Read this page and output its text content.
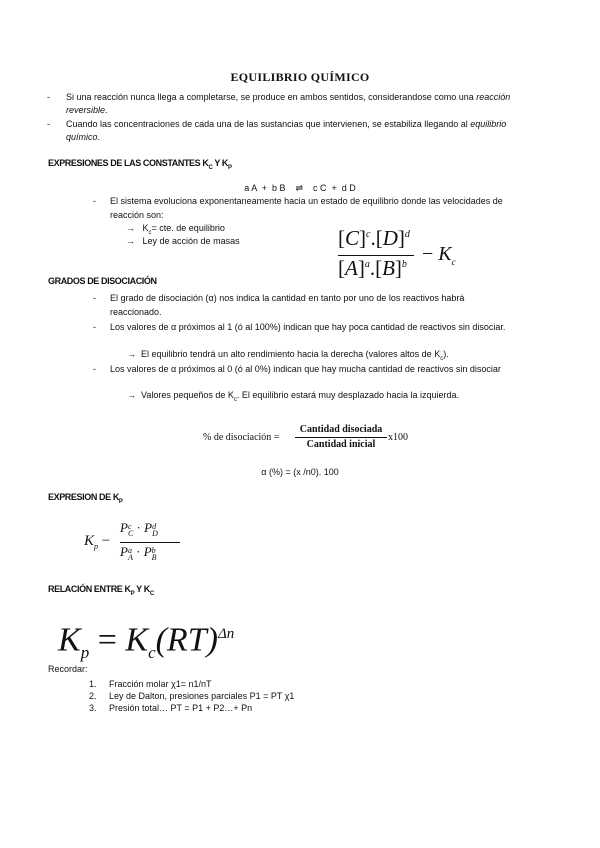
EQUILIBRIO QUÍMICO
- Si una reacción nunca llega a completarse, se produce en ambos sentidos, considerandose como una reacción reversible.
- Cuando las concentraciones de cada una de las sustancias que intervienen, se estabiliza llegando al equilibrio químico.
EXPRESIONES DE LAS CONSTANTES $K_C$ Y $K_P$
a A  +  b B    ⇌    c C  +  d D
- El sistema evoluciona exponentaneamente hacia un estado de equilibrio donde las velocidades de reacción son:
→ $K_c=$ cte. de equilibrio
→ Ley de acción de masas	$[C]^c.[D]^d$
$[A]^a.[B]^b - K_c$
GRADOS DE DISOCIACIÓN
- El grado de disociación (α) nos indica la cantidad en tanto por uno de los reactivos habrá reaccionado.
- Los valores de α próximos al 1 (ó al 100%) indican que hay poca cantidad de reactivos sin disociar.
→ El equilibrio tendrá un alto rendimiento hacia la derecha (valores altos de $K_c$).
- Los valores de α próximos al 0 (ó al 0%) indican que hay mucha cantidad de reactivos sin disociar
→ Valores pequeños de $K_c$. El equilibrio estará muy desplazado hacia la izquierda.
% de disociación =
Cantidad disociada
Cantidad inicial
x100
α (%) = (x /n0). 100
EXPRESION DE $K_P$
$K_p$ −
Pc
C · Pd
D
Pa
A · Pb
B
RELACIÓN ENTRE $K_P$ Y $K_C$
$K_p = K_c(RT)^{\Delta n}$
Recordar:
1. Fracción molar χ1= n1/nT
2. Ley de Dalton, presiones parciales P1 = PT χ1
3. Presión total… PT = P1 + P2…+ Pn
